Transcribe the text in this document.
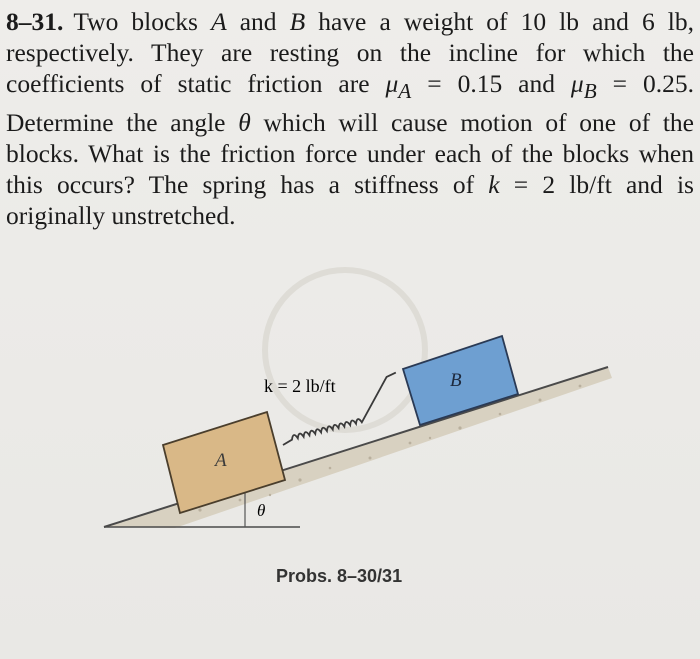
8–31. Two blocks A and B have a weight of 10 lb and 6 lb, respectively. They are resting on the incline for which the coefficients of static friction are $\mu_A = 0.15$ and $\mu_B = 0.25$. Determine the angle θ which will cause motion of one of the blocks. What is the friction force under each of the blocks when this occurs? The spring has a stiffness of k = 2 lb/ft and is originally unstretched.

θ
A
k = 2 lb/ft	B
Probs. 8–30/31
